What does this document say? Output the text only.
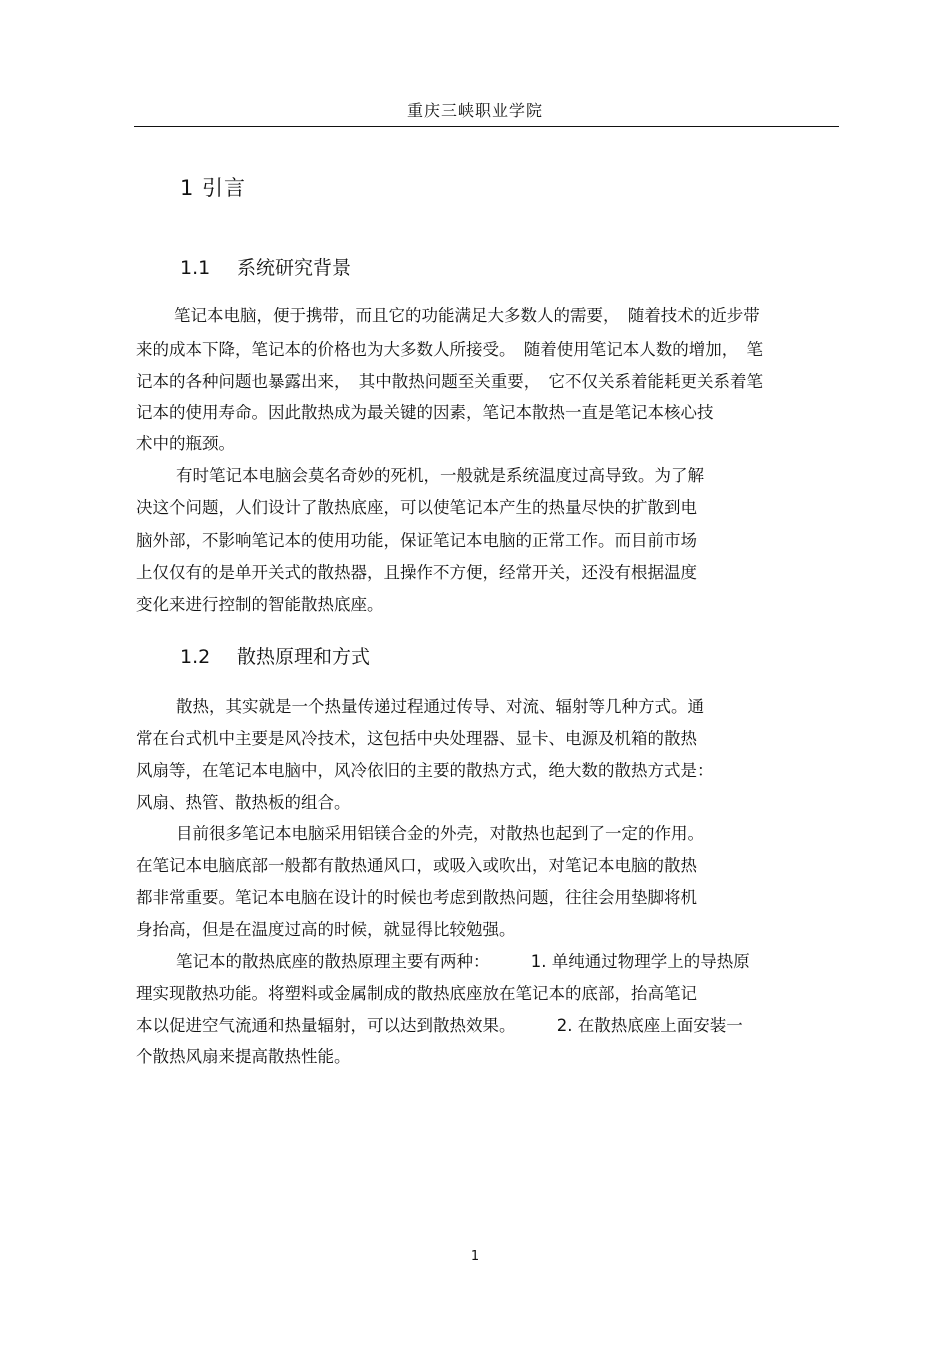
重庆三峡职业学院
1 引言
1.1 系统研究背景
笔记本电脑，便于携带，而且它的功能满足大多数人的需要，　随着技术的近步带
来的成本下降，笔记本的价格也为大多数人所接受。　随着使用笔记本人数的增加，　笔
记本的各种问题也暴露出来，　其中散热问题至关重要，　它不仅关系着能耗更关系着笔
记本的使用寿命。因此散热成为最关键的因素，笔记本散热一直是笔记本核心技
术中的瓶颈。
有时笔记本电脑会莫名奇妙的死机，一般就是系统温度过高导致。为了解
决这个问题，人们设计了散热底座，可以使笔记本产生的热量尽快的扩散到电
脑外部，不影响笔记本的使用功能，保证笔记本电脑的正常工作。而目前市场
上仅仅有的是单开关式的散热器，且操作不方便，经常开关，还没有根据温度
变化来进行控制的智能散热底座。
1.2 散热原理和方式
散热，其实就是一个热量传递过程通过传导、对流、辐射等几种方式。通
常在台式机中主要是风冷技术，这包括中央处理器、显卡、电源及机箱的散热
风扇等，在笔记本电脑中，风冷依旧的主要的散热方式，绝大数的散热方式是：
风扇、热管、散热板的组合。
目前很多笔记本电脑采用铝镁合金的外壳，对散热也起到了一定的作用。
在笔记本电脑底部一般都有散热通风口，或吸入或吹出，对笔记本电脑的散热
都非常重要。笔记本电脑在设计的时候也考虑到散热问题，往往会用垫脚将机
身抬高，但是在温度过高的时候，就显得比较勉强。
笔记本的散热底座的散热原理主要有两种：　　　1. 单纯通过物理学上的导热原
理实现散热功能。将塑料或金属制成的散热底座放在笔记本的底部，抬高笔记
本以促进空气流通和热量辐射，可以达到散热效果。　　　2. 在散热底座上面安装一
个散热风扇来提高散热性能。
1
